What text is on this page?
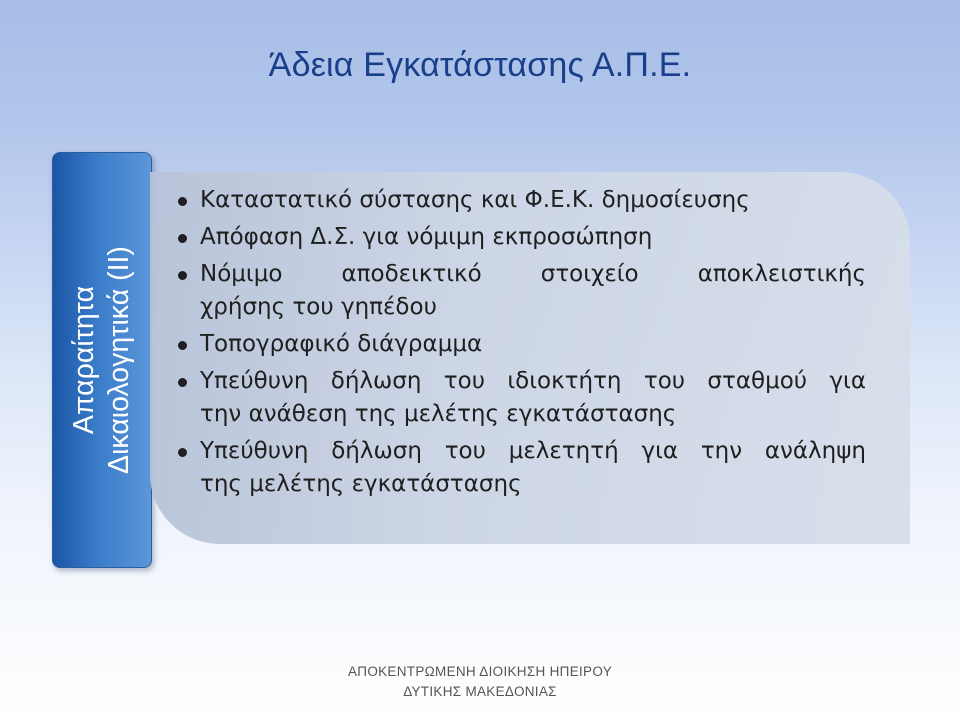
Άδεια Εγκατάστασης Α.Π.Ε.
Απαραίτητα Δικαιολογητικά (ΙΙ)
Καταστατικό σύστασης και Φ.Ε.Κ. δημοσίευσης
Απόφαση Δ.Σ. για νόμιμη εκπροσώπηση
Νόμιμο αποδεικτικό στοιχείο αποκλειστικής
χρήσης του γηπέδου
Τοπογραφικό διάγραμμα
Υπεύθυνη δήλωση του ιδιοκτήτη του σταθμού για
την ανάθεση της μελέτης εγκατάστασης
Υπεύθυνη δήλωση του μελετητή για την ανάληψη
της μελέτης εγκατάστασης
ΑΠΟΚΕΝΤΡΩΜΕΝΗ ΔΙΟΙΚΗΣΗ ΗΠΕΙΡΟΥ
ΔΥΤΙΚΗΣ ΜΑΚΕΔΟΝΙΑΣ
